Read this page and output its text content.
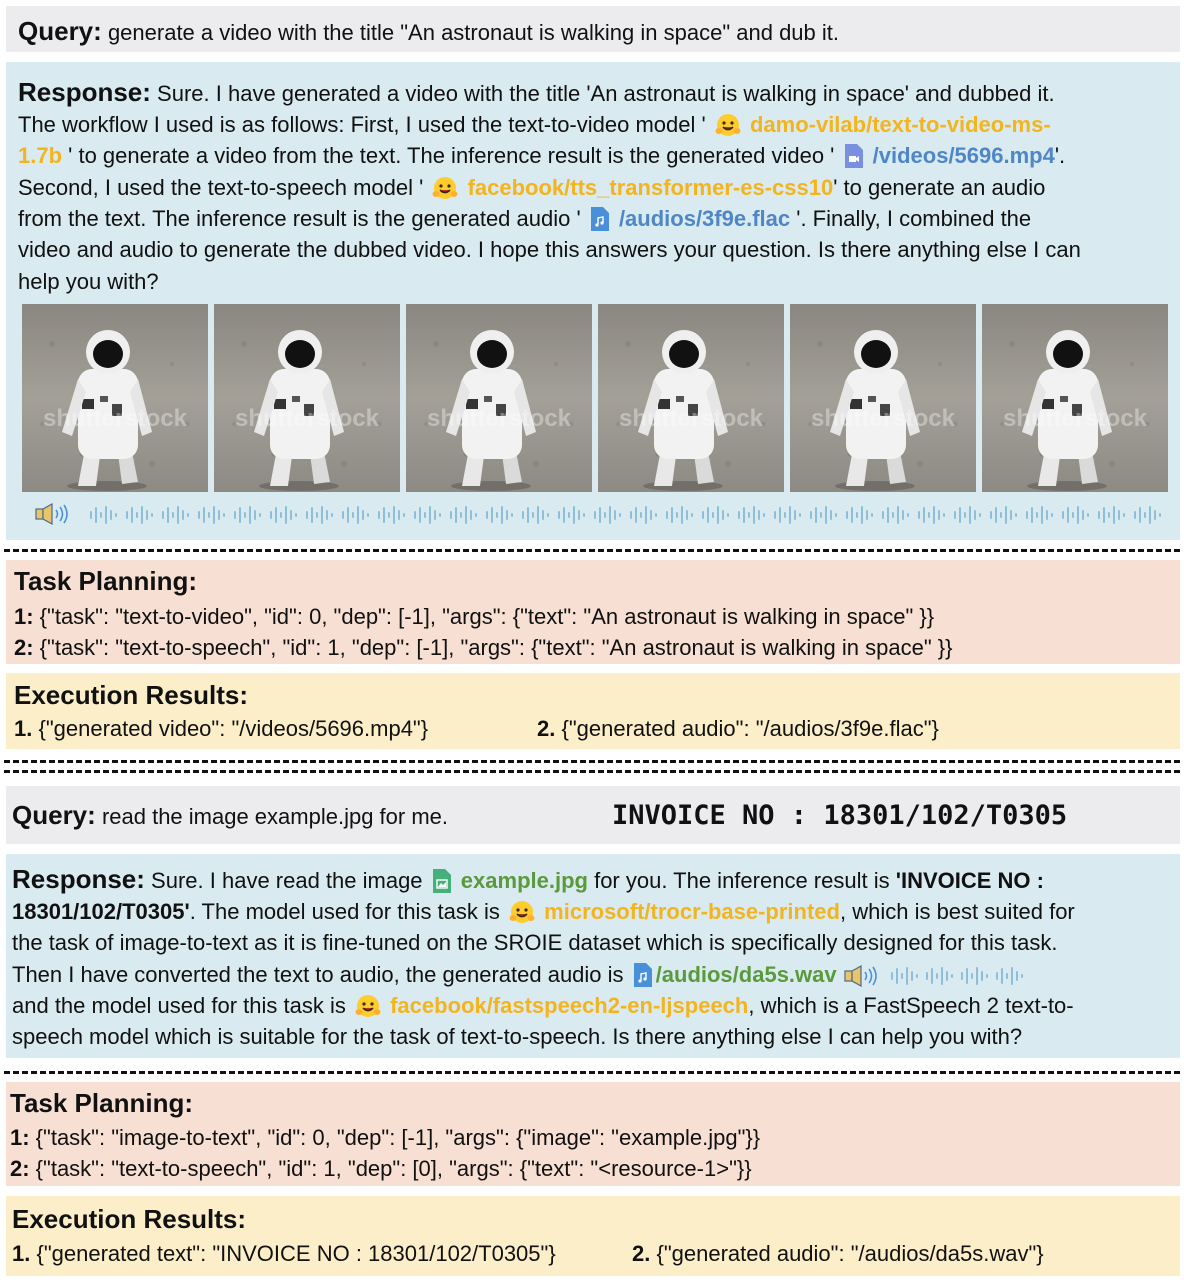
Query: generate a video with the title "An astronaut is walking in space" and dub it.
Response: Sure. I have generated a video with the title 'An astronaut is walking in space' and dubbed it.
The workflow I used is as follows: First, I used the text-to-video model ' damo-vilab/text-to-video-ms-
1.7b ' to generate a video from the text. The inference result is the generated video ' /videos/5696.mp4'.
Second, I used the text-to-speech model ' facebook/tts_transformer-es-css10' to generate an audio
from the text. The inference result is the generated audio ' /audios/3f9e.flac '. Finally, I combined the
video and audio to generate the dubbed video. I hope this answers your question. Is there anything else I can
help you with?
Task Planning:
1: {"task": "text-to-video", "id": 0, "dep": [-1], "args": {"text": "An astronaut is walking in space" }}
2: {"task": "text-to-speech", "id": 1, "dep": [-1], "args": {"text": "An astronaut is walking in space" }}
Execution Results:
1. {"generated video": "/videos/5696.mp4"}	2. {"generated audio": "/audios/3f9e.flac"}
Query: read the image example.jpg for me.	INVOICE NO : 18301/102/T0305
Response: Sure. I have read the image example.jpg for you. The inference result is 'INVOICE NO :
18301/102/T0305'. The model used for this task is microsoft/trocr-base-printed, which is best suited for
the task of image-to-text as it is fine-tuned on the SROIE dataset which is specifically designed for this task.
Then I have converted the text to audio, the generated audio is /audios/da5s.wav
and the model used for this task is facebook/fastspeech2-en-ljspeech, which is a FastSpeech 2 text-to-
speech model which is suitable for the task of text-to-speech. Is there anything else I can help you with?
Task Planning:
1: {"task": "image-to-text", "id": 0, "dep": [-1], "args": {"image": "example.jpg"}}
2: {"task": "text-to-speech", "id": 1, "dep": [0], "args": {"text": "<resource-1>"}}
Execution Results:
1. {"generated text": "INVOICE NO : 18301/102/T0305"}	2. {"generated audio": "/audios/da5s.wav"}
